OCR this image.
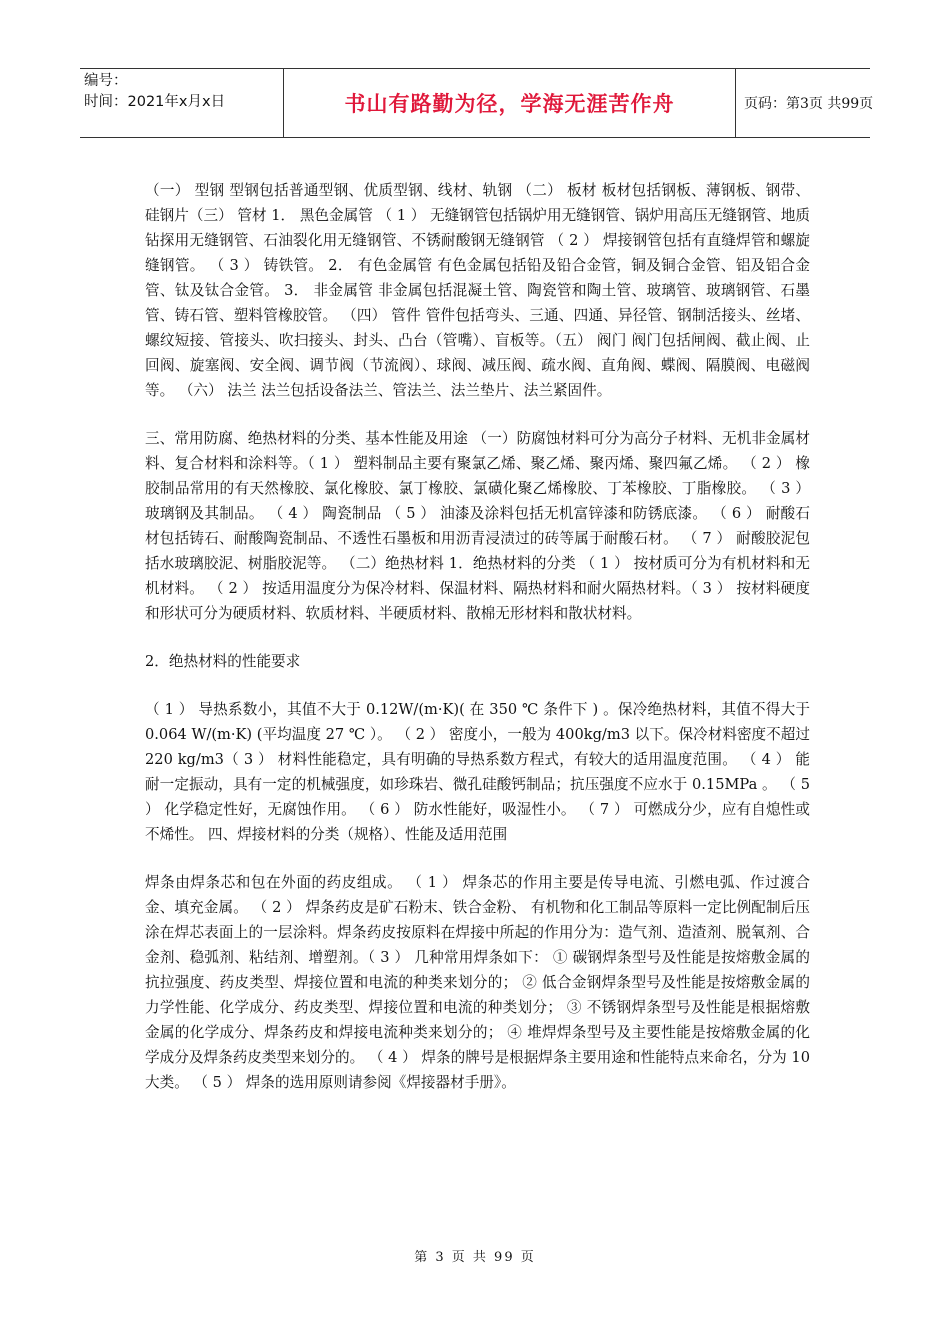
编号：
时间：2021年x月x日	书山有路勤为径，学海无涯苦作舟	页码：第3页 共99页

（一） 型钢 型钢包括普通型钢、优质型钢、线材、轨钢 （二） 板材 板材包括钢板、薄钢板、钢带、硅钢片（三） 管材 1． 黑色金属管 （ 1 ） 无缝钢管包括锅炉用无缝钢管、锅炉用高压无缝钢管、地质钻探用无缝钢管、石油裂化用无缝钢管、不锈耐酸钢无缝钢管 （ 2 ） 焊接钢管包括有直缝焊管和螺旋缝钢管。 （ 3 ） 铸铁管。 2． 有色金属管 有色金属包括铅及铅合金管，铜及铜合金管、铝及铝合金管、钛及钛合金管。 3． 非金属管 非金属包括混凝土管、陶瓷管和陶土管、玻璃管、玻璃钢管、石墨管、铸石管、塑料管橡胶管。 （四） 管件 管件包括弯头、三通、四通、异径管、钢制活接头、丝堵、螺纹短接、管接头、吹扫接头、封头、凸台（管嘴）、盲板等。（五） 阀门 阀门包括闸阀、截止阀、止回阀、旋塞阀、安全阀、调节阀（节流阀）、球阀、减压阀、疏水阀、直角阀、蝶阀、隔膜阀、电磁阀等。 （六） 法兰 法兰包括设备法兰、管法兰、法兰垫片、法兰紧固件。

三、常用防腐、绝热材料的分类、基本性能及用途 （一）防腐蚀材料可分为高分子材料、无机非金属材料、复合材料和涂料等。（ 1 ） 塑料制品主要有聚氯乙烯、聚乙烯、聚丙烯、聚四氟乙烯。 （ 2 ） 橡胶制品常用的有天然橡胶、氯化橡胶、氯丁橡胶、氯磺化聚乙烯橡胶、丁苯橡胶、丁脂橡胶。 （ 3 ） 玻璃钢及其制品。 （ 4 ） 陶瓷制品 （ 5 ） 油漆及涂料包括无机富锌漆和防锈底漆。 （ 6 ） 耐酸石材包括铸石、耐酸陶瓷制品、不透性石墨板和用沥青浸渍过的砖等属于耐酸石材。 （ 7 ） 耐酸胶泥包括水玻璃胶泥、树脂胶泥等。 （二）绝热材料 1．绝热材料的分类 （ 1 ） 按材质可分为有机材料和无机材料。 （ 2 ） 按适用温度分为保冷材料、保温材料、隔热材料和耐火隔热材料。（ 3 ） 按材料硬度和形状可分为硬质材料、软质材料、半硬质材料、散棉无形材料和散状材料。

2．绝热材料的性能要求

（ 1 ） 导热系数小，其值不大于 0.12W/(m·K)( 在 350 ℃ 条件下 ) 。保冷绝热材料，其值不得大于 0.064 W/(m·K) (平均温度 27 ℃ ）。 （ 2 ） 密度小，一般为 400kg/m3 以下。保冷材料密度不超过 220 kg/m3（ 3 ） 材料性能稳定，具有明确的导热系数方程式，有较大的适用温度范围。 （ 4 ） 能耐一定振动，具有一定的机械强度，如珍珠岩、微孔硅酸钙制品；抗压强度不应水于 0.15MPa 。 （ 5 ） 化学稳定性好，无腐蚀作用。 （ 6 ） 防水性能好，吸湿性小。 （ 7 ） 可燃成分少，应有自熄性或不烯性。 四、焊接材料的分类（规格）、性能及适用范围

焊条由焊条芯和包在外面的药皮组成。 （ 1 ） 焊条芯的作用主要是传导电流、引燃电弧、作过渡合金、填充金属。 （ 2 ） 焊条药皮是矿石粉末、铁合金粉、 有机物和化工制品等原料一定比例配制后压涂在焊芯表面上的一层涂料。焊条药皮按原料在焊接中所起的作用分为：造气剂、造渣剂、脱氧剂、合金剂、稳弧剂、粘结剂、增塑剂。（ 3 ） 几种常用焊条如下： ① 碳钢焊条型号及性能是按熔敷金属的抗拉强度、药皮类型、焊接位置和电流的种类来划分的； ② 低合金钢焊条型号及性能是按熔敷金属的力学性能、化学成分、药皮类型、焊接位置和电流的种类划分； ③ 不锈钢焊条型号及性能是根据熔敷金属的化学成分、焊条药皮和焊接电流种类来划分的； ④ 堆焊焊条型号及主要性能是按熔敷金属的化学成分及焊条药皮类型来划分的。 （ 4 ） 焊条的牌号是根据焊条主要用途和性能特点来命名，分为 10 大类。 （ 5 ） 焊条的选用原则请参阅《焊接器材手册》。

第 3 页 共 99 页
